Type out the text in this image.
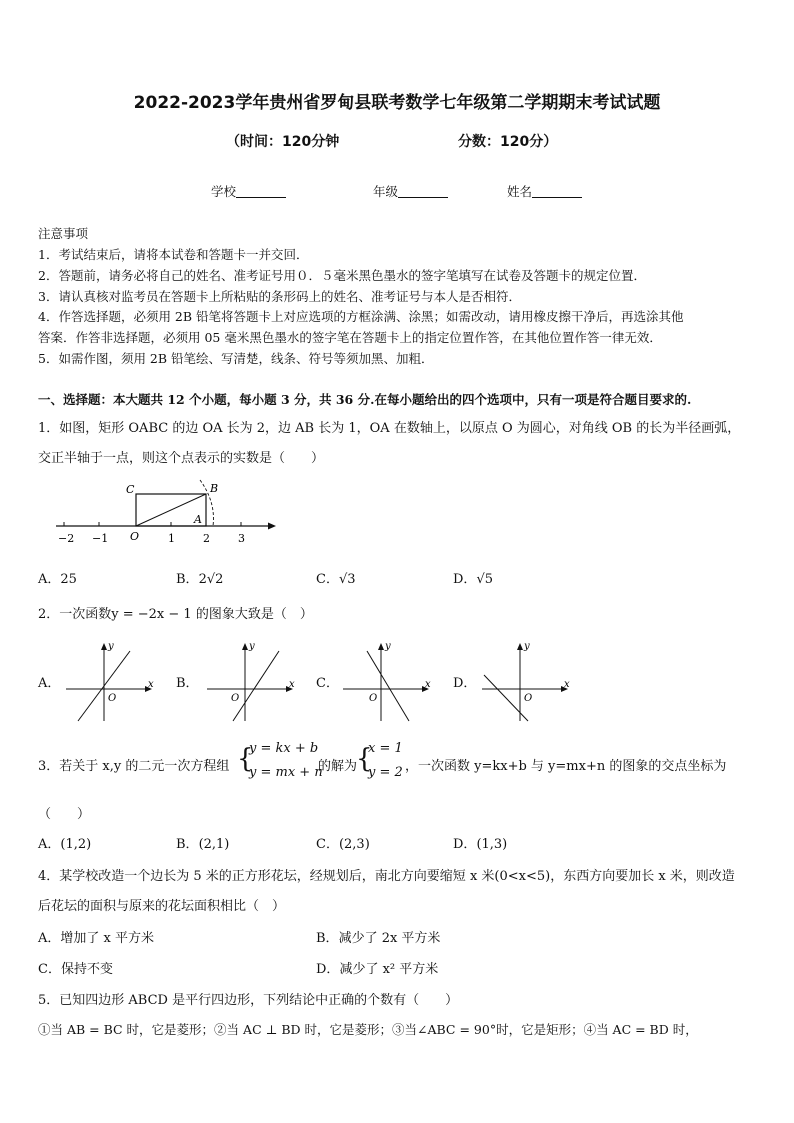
2022-2023学年贵州省罗甸县联考数学七年级第二学期期末考试试题
（时间：120分钟	分数：120分）
学校	年级	姓名
注意事项
1．考试结束后，请将本试卷和答题卡一并交回．
2．答题前，请务必将自己的姓名、准考证号用０．５毫米黑色墨水的签字笔填写在试卷及答题卡的规定位置．
3．请认真核对监考员在答题卡上所粘贴的条形码上的姓名、准考证号与本人是否相符．
4．作答选择题，必须用 2B 铅笔将答题卡上对应选项的方框涂满、涂黑；如需改动，请用橡皮擦干净后，再选涂其他
答案．作答非选择题，必须用 05 毫米黑色墨水的签字笔在答题卡上的指定位置作答，在其他位置作答一律无效．
5．如需作图，须用 2B 铅笔绘、写清楚，线条、符号等须加黑、加粗．
一、选择题：本大题共 12 个小题，每小题 3 分，共 36 分.在每小题给出的四个选项中，只有一项是符合题目要求的.
1．如图，矩形 OABC 的边 OA 长为 2，边 AB 长为 1，OA 在数轴上，以原点 O 为圆心，对角线 OB 的长为半径画弧，
交正半轴于一点，则这个点表示的实数是（　　）
−2 −1 O	1	2	3
C	B
A
A．25	B．2√2	C．√3	D．√5
2．一次函数y = −2x − 1 的图象大致是（　）
A．	x
y
O
B．	x
y
O
C．	x
y
O
D．	x
y
O
3．若关于 x,y 的二元一次方程组 {
y = kx + b
y = mx + n
的解为
{
x = 1
y = 2 ，一次函数 y=kx+b 与 y=mx+n 的图象的交点坐标为
（　　）
A．(1,2)	B．(2,1)	C．(2,3)	D．(1,3)
4．某学校改造一个边长为 5 米的正方形花坛，经规划后，南北方向要缩短 x 米(0<x<5)，东西方向要加长 x 米，则改造
后花坛的面积与原来的花坛面积相比（　）
A．增加了 x 平方米	B．减少了 2x 平方米
C．保持不变	D．减少了 x² 平方米
5．已知四边形 ABCD 是平行四边形，下列结论中正确的个数有（　　）
①当 AB = BC 时，它是菱形；②当 AC ⊥ BD 时，它是菱形；③当∠ABC = 90°时，它是矩形；④当 AC = BD 时，
